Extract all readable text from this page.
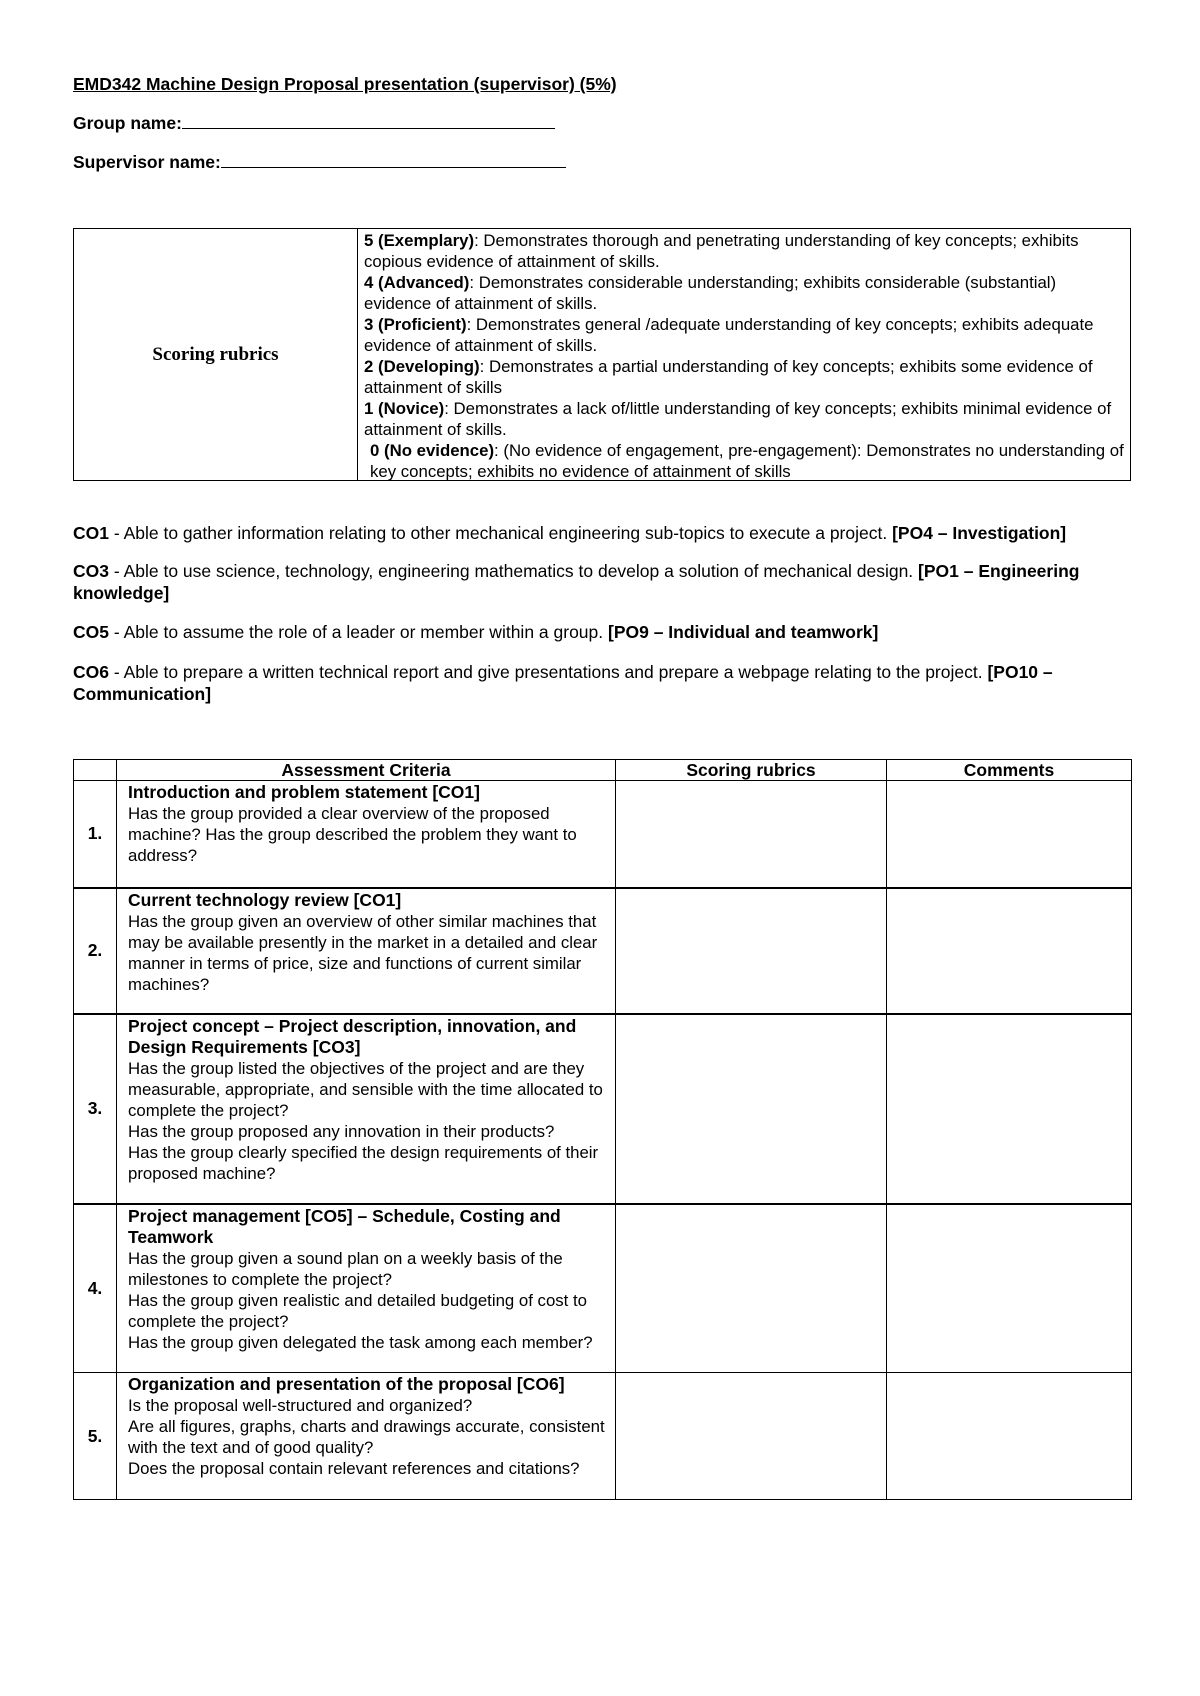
EMD342 Machine Design Proposal presentation (supervisor) (5%)
Group name:
Supervisor name:
Scoring rubrics

5 (Exemplary): Demonstrates thorough and penetrating understanding of key concepts; exhibits copious evidence of attainment of skills.

4 (Advanced): Demonstrates considerable understanding; exhibits considerable (substantial) evidence of attainment of skills.

3 (Proficient): Demonstrates general /adequate understanding of key concepts; exhibits adequate evidence of attainment of skills.

2 (Developing): Demonstrates a partial understanding of key concepts; exhibits some evidence of attainment of skills

1 (Novice): Demonstrates a lack of/little understanding of key concepts; exhibits minimal evidence of attainment of skills.

0 (No evidence): (No evidence of engagement, pre-engagement): Demonstrates no understanding of key concepts; exhibits no evidence of attainment of skills

CO1 - Able to gather information relating to other mechanical engineering sub-topics to execute a project. [PO4 – Investigation]
CO3 - Able to use science, technology, engineering mathematics to develop a solution of mechanical design. [PO1 – Engineering knowledge]
CO5 - Able to assume the role of a leader or member within a group. [PO9 – Individual and teamwork]
CO6 - Able to prepare a written technical report and give presentations and prepare a webpage relating to the project. [PO10 – Communication]
	Assessment Criteria	Scoring rubrics	Comments
1.	Introduction and problem statement [CO1]
Has the group provided a clear overview of the proposed machine? Has the group described the problem they want to address?		

2.	Current technology review [CO1]
Has the group given an overview of other similar machines that may be available presently in the market in a detailed and clear manner in terms of price, size and functions of current similar machines?		

3.	Project concept – Project description, innovation, and Design Requirements [CO3]
Has the group listed the objectives of the project and are they measurable, appropriate, and sensible with the time allocated to complete the project?
Has the group proposed any innovation in their products?
Has the group clearly specified the design requirements of their proposed machine?		

4.	Project management [CO5] – Schedule, Costing and Teamwork
Has the group given a sound plan on a weekly basis of the milestones to complete the project?
Has the group given realistic and detailed budgeting of cost to complete the project?
Has the group given delegated the task among each member?		

5.	Organization and presentation of the proposal [CO6]
Is the proposal well-structured and organized?
Are all figures, graphs, charts and drawings accurate, consistent with the text and of good quality?
Does the proposal contain relevant references and citations?		
